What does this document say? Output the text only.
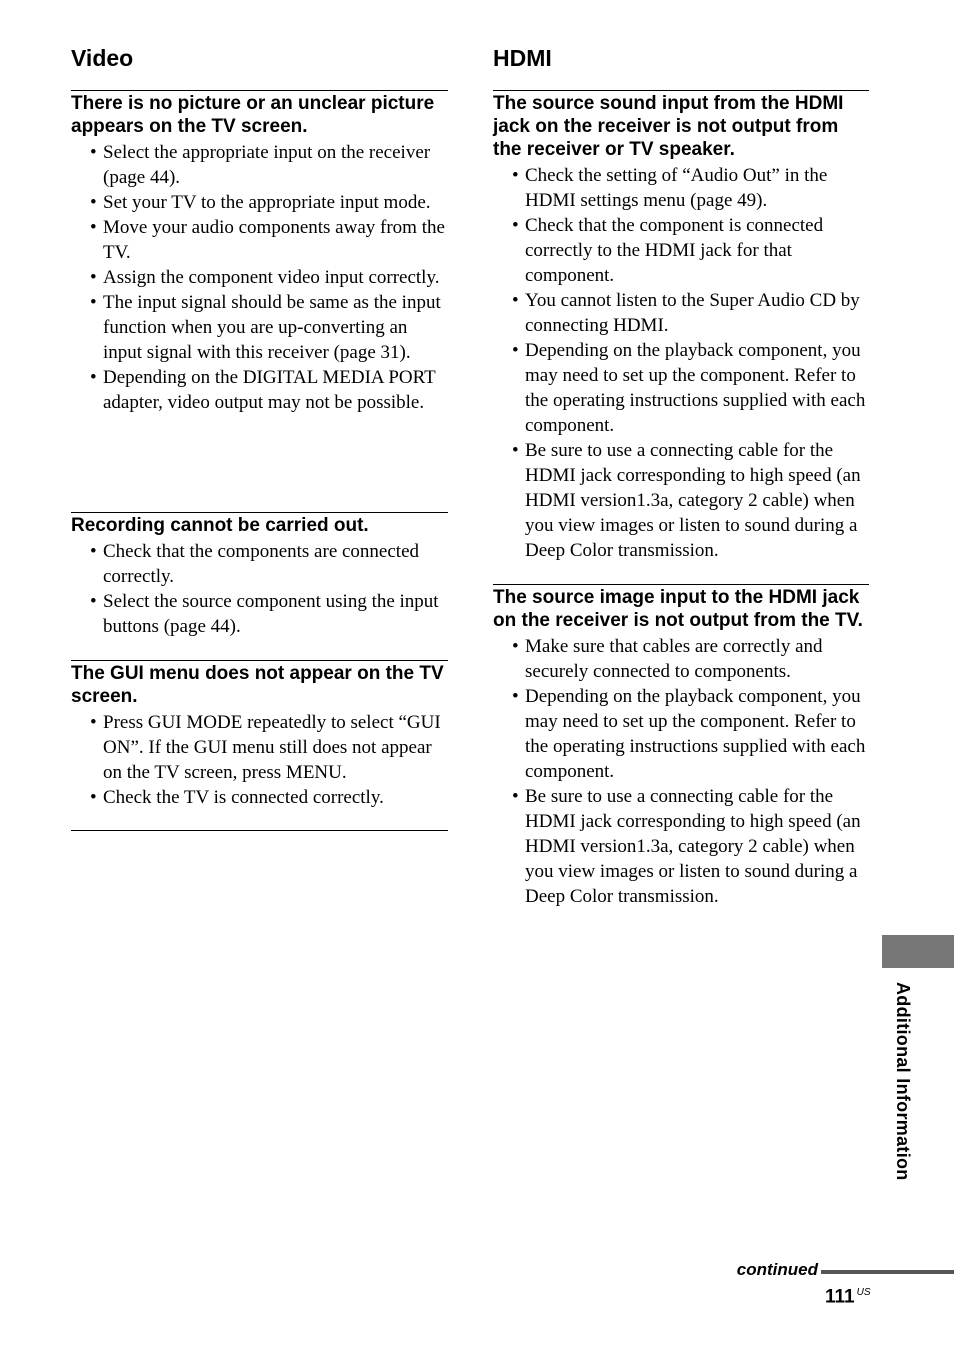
Video
There is no picture or an unclear picture appears on the TV screen.
• Select the appropriate input on the receiver (page 44).
• Set your TV to the appropriate input mode.
• Move your audio components away from the TV.
• Assign the component video input correctly.
• The input signal should be same as the input function when you are up-converting an input signal with this receiver (page 31).
• Depending on the DIGITAL MEDIA PORT adapter, video output may not be possible.
Recording cannot be carried out.
• Check that the components are connected correctly.
• Select the source component using the input buttons (page 44).
The GUI menu does not appear on the TV screen.
• Press GUI MODE repeatedly to select “GUI ON”. If the GUI menu still does not appear on the TV screen, press MENU.
• Check the TV is connected correctly.
HDMI
The source sound input from the HDMI jack on the receiver is not output from the receiver or TV speaker.
• Check the setting of “Audio Out” in the HDMI settings menu (page 49).
• Check that the component is connected correctly to the HDMI jack for that component.
• You cannot listen to the Super Audio CD by connecting HDMI.
• Depending on the playback component, you may need to set up the component. Refer to the operating instructions supplied with each component.
• Be sure to use a connecting cable for the HDMI jack corresponding to high speed (an HDMI version1.3a, category 2 cable) when you view images or listen to sound during a Deep Color transmission.
The source image input to the HDMI jack on the receiver is not output from the TV.
• Make sure that cables are correctly and securely connected to components.
• Depending on the playback component, you may need to set up the component. Refer to the operating instructions supplied with each component.
• Be sure to use a connecting cable for the HDMI jack corresponding to high speed (an HDMI version1.3a, category 2 cable) when you view images or listen to sound during a Deep Color transmission.
Additional Information
continued
111 $^{US}$
